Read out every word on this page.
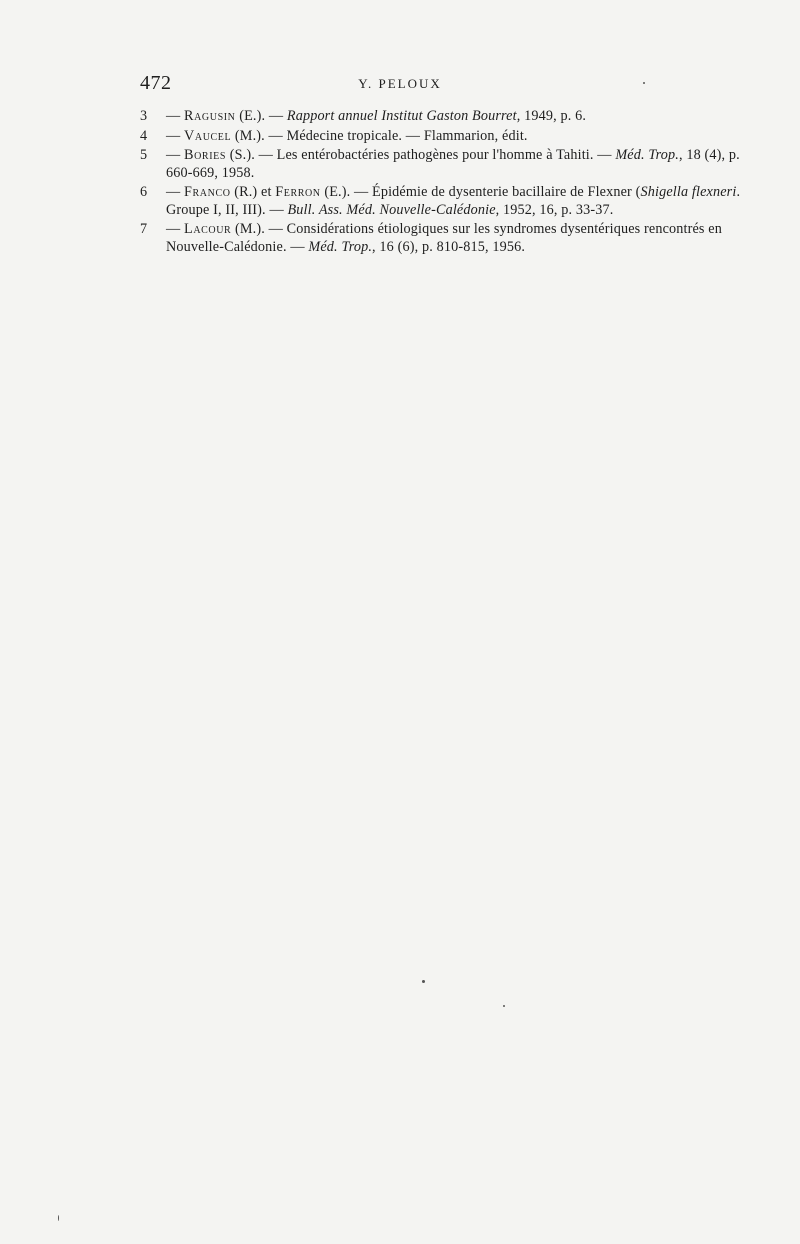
472	Y. PELOUX
3 — Ragusin (E.). — Rapport annuel Institut Gaston Bourret, 1949, p. 6.
4 — Vaucel (M.). — Médecine tropicale. — Flammarion, édit.
5 — Bories (S.). — Les entérobactéries pathogènes pour l'homme à Tahiti. — Méd. Trop., 18 (4), p. 660-669, 1958.
6 — Franco (R.) et Ferron (E.). — Épidémie de dysenterie bacillaire de Flexner (Shigella flexneri. Groupe I, II, III). — Bull. Ass. Méd. Nouvelle-Calédonie, 1952, 16, p. 33-37.
7 — Lacour (M.). — Considérations étiologiques sur les syndromes dysentériques rencontrés en Nouvelle-Calédonie. — Méd. Trop., 16 (6), p. 810-815, 1956.
